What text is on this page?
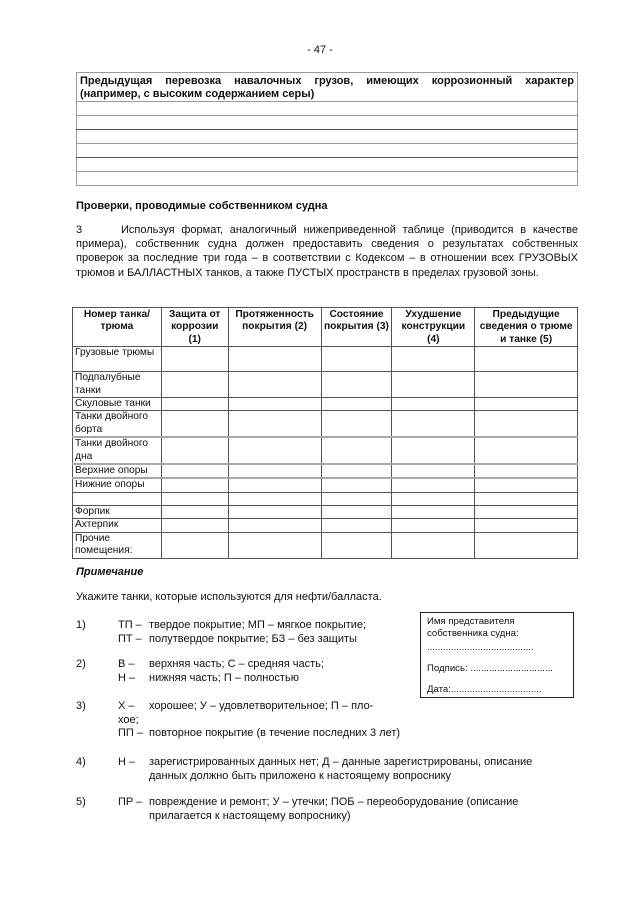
- 47 -
Предыдущая перевозка навалочных грузов, имеющих коррозионный характер (например, с высоким содержанием серы)

Проверки, проводимые собственником судна
3	Используя формат, аналогичный нижеприведенной таблице (приводится в качестве примера), собственник судна должен предоставить сведения о результатах собственных проверок за последние три года – в соответствии с Кодексом – в отношении всех ГРУЗОВЫХ трюмов и БАЛЛАСТНЫХ танков, а также ПУСТЫХ пространств в пределах грузовой зоны.
Номер танка/трюма	Защита от коррозии (1)	Протяженность покрытия (2)	Состояние покрытия (3)	Ухудшение конструкции (4)	Предыдущие сведения о трюме и танке (5)
Грузовые трюмы					
Подпалубные танки					
Скуловые танки					
Танки двойного борта					
Танки двойного дна					
Верхние опоры					
Нижние опоры					

Форпик					
Ахтерпик					
Прочие помещения:					
Примечание
Укажите танки, которые используются для нефти/балласта.
1)	ТП – твердое покрытие; МП – мягкое покрытие;
ПТ – полутвердое покрытие; БЗ – без защиты
2)	В – верхняя часть; С – средняя часть;
Н – нижняя часть; П – полностью
3)	Х – хорошее; У – удовлетворительное; П – пло-
хое;
ПП – повторное покрытие (в течение последних 3 лет)
4)	Н – зарегистрированных данных нет; Д – данные зарегистрированы, описание
данных должно быть приложено к настоящему вопроснику
5)	ПР – повреждение и ремонт; У – утечки; ПОБ – переоборудование (описание
прилагается к настоящему вопроснику)
Имя представителя собственника судна:
........................................
Подпись: ...............................
Дата:..................................
